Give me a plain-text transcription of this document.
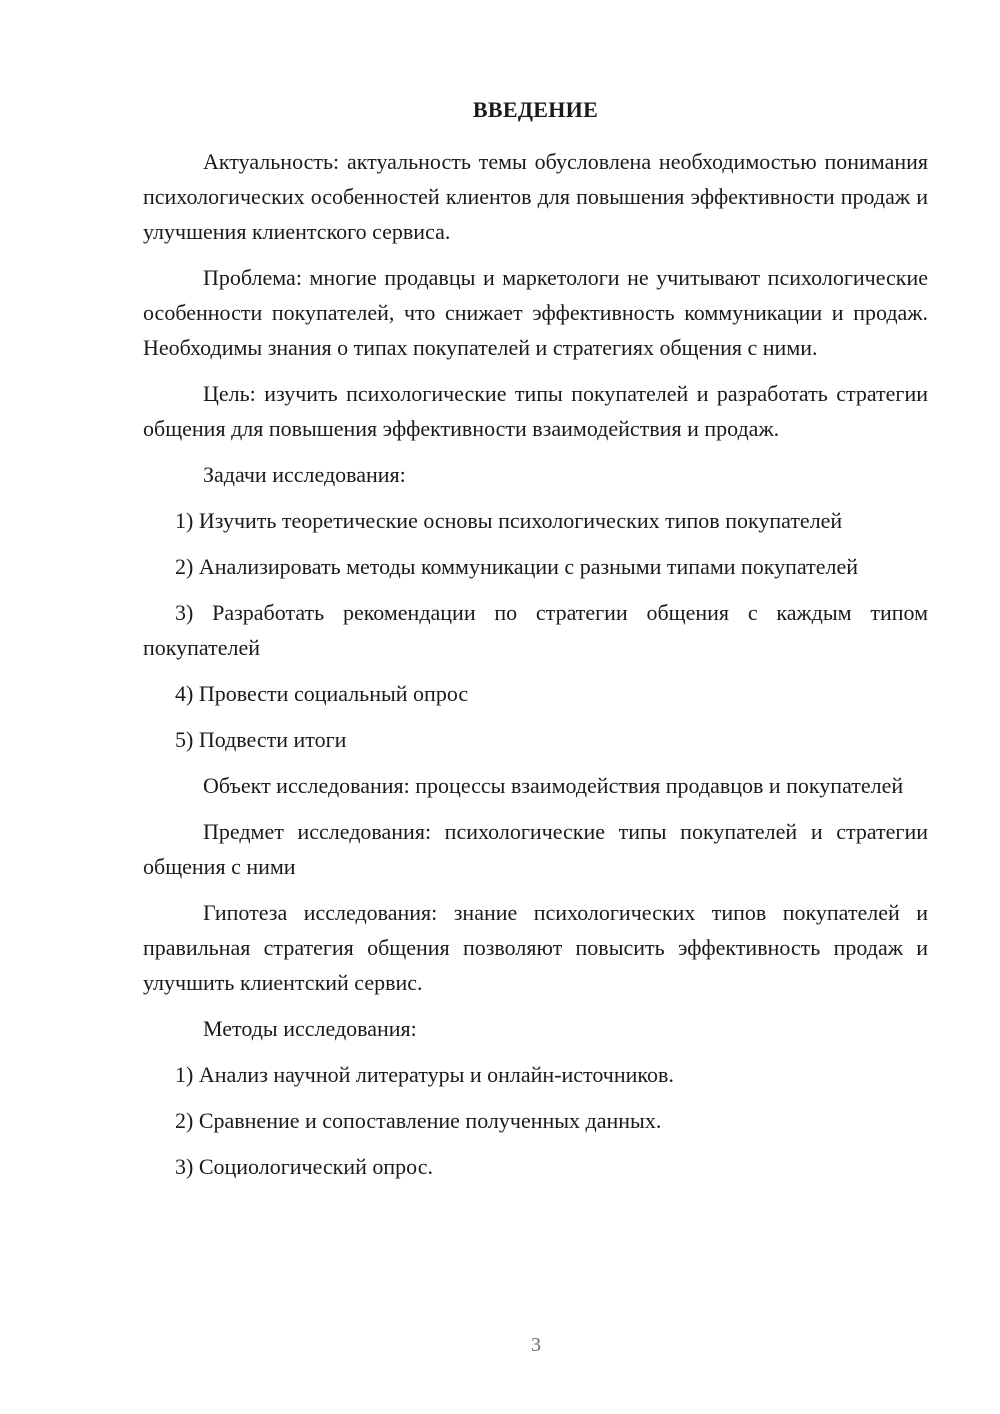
ВВЕДЕНИЕ

Актуальность: актуальность темы обусловлена необходимостью понимания психологических особенностей клиентов для повышения эффективности продаж и улучшения клиентского сервиса.

Проблема: многие продавцы и маркетологи не учитывают психологические особенности покупателей, что снижает эффективность коммуникации и продаж. Необходимы знания о типах покупателей и стратегиях общения с ними.

Цель: изучить психологические типы покупателей и разработать стратегии общения для повышения эффективности взаимодействия и продаж.

Задачи исследования:

1) Изучить теоретические основы психологических типов покупателей

2) Анализировать методы коммуникации с разными типами покупателей

3) Разработать рекомендации по стратегии общения с каждым типом покупателей

4) Провести социальный опрос

5) Подвести итоги

Объект исследования: процессы взаимодействия продавцов и покупателей

Предмет исследования: психологические типы покупателей и стратегии общения с ними

Гипотеза исследования: знание психологических типов покупателей и правильная стратегия общения позволяют повысить эффективность продаж и улучшить клиентский сервис.

Методы исследования:

1) Анализ научной литературы и онлайн-источников.

2) Сравнение и сопоставление полученных данных.

3) Социологический опрос.

3
